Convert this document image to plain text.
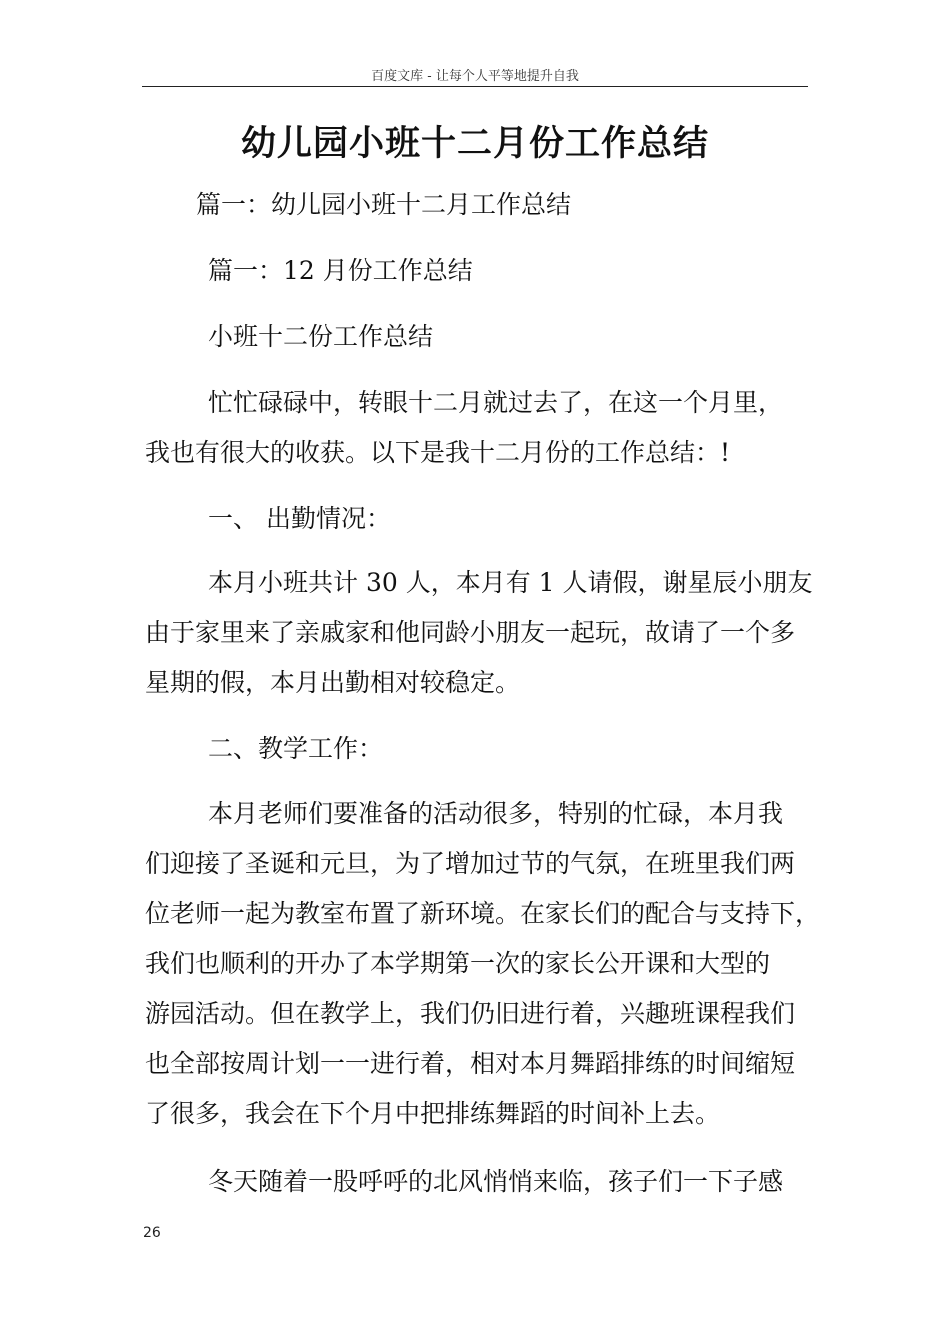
百度文库 - 让每个人平等地提升自我
幼儿园小班十二月份工作总结
篇一：幼儿园小班十二月工作总结
篇一：12 月份工作总结
小班十二份工作总结
忙忙碌碌中，转眼十二月就过去了，在这一个月里，
我也有很大的收获。以下是我十二月份的工作总结：!
一、 出勤情况：
本月小班共计 30 人，本月有 1 人请假，谢星辰小朋友
由于家里来了亲戚家和他同龄小朋友一起玩，故请了一个多
星期的假，本月出勤相对较稳定。
二、教学工作：
本月老师们要准备的活动很多，特别的忙碌，本月我
们迎接了圣诞和元旦，为了增加过节的气氛，在班里我们两
位老师一起为教室布置了新环境。在家长们的配合与支持下，
我们也顺利的开办了本学期第一次的家长公开课和大型的
游园活动。但在教学上，我们仍旧进行着，兴趣班课程我们
也全部按周计划一一进行着，相对本月舞蹈排练的时间缩短
了很多，我会在下个月中把排练舞蹈的时间补上去。
冬天随着一股呼呼的北风悄悄来临，孩子们一下子感
26
